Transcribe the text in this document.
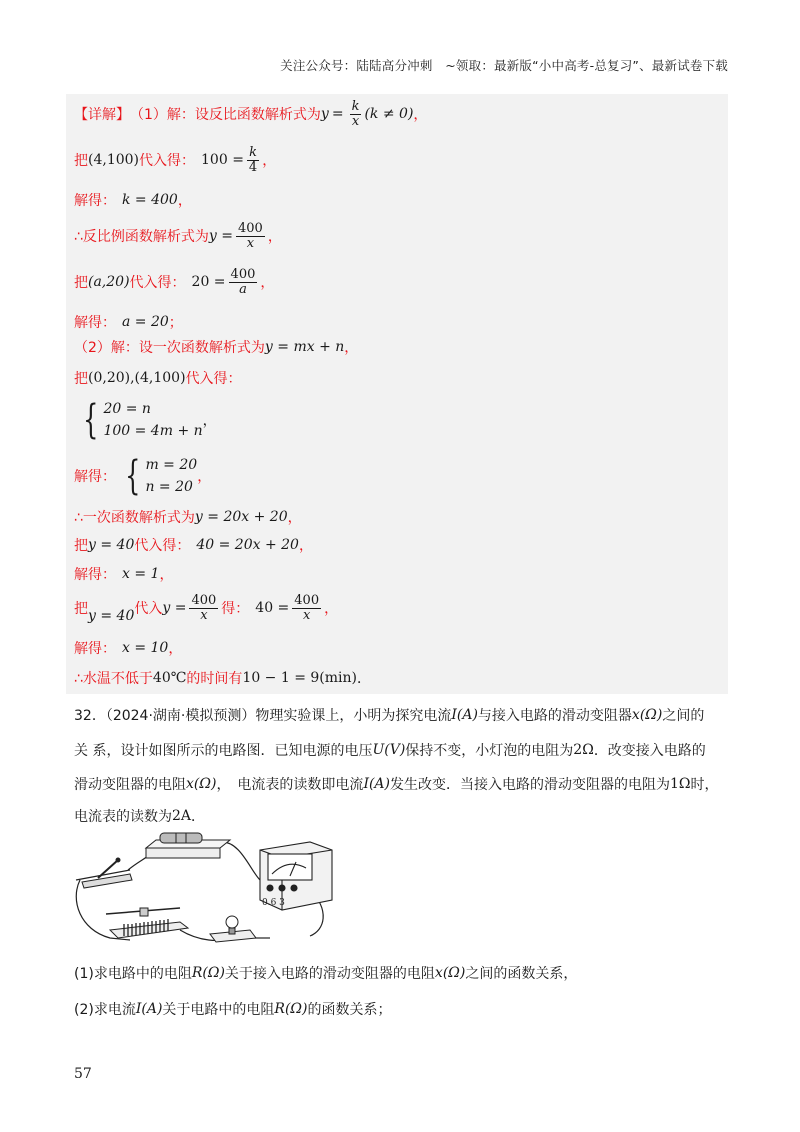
关注公众号：陆陆高分冲刺　~领取：最新版“小中高考-总复习”、最新试卷下载
【详解】 （1）解：设反比函数解析式为 $y = \frac{k}{x} (k \ne 0)$ ，
把 (4,100) 代入得： $100 = \frac{k}{4}$ ，
解得： k = 400 ，
∴反比例函数解析式为 $y = \frac{400}{x}$ ，
把 (a,20) 代入得： $20 = \frac{400}{a}$ ，
解得： a = 20 ；
（2）解：设一次函数解析式为 y = mx + n ，
把 (0,20),(4,100) 代入得：
{ 20 = n
100 = 4m + n
，
解得： { m = 20
n = 20
，
∴一次函数解析式为 y = 20x + 20 ，
把 y = 40 代入得： 40 = 20x + 20 ，
解得： x = 1 ，
把 y = 40 代入 $y = \frac{400}{x}$ 得： $40 = \frac{400}{x}$ ，
解得： x = 10 ，
∴水温不低于 40℃ 的时间有 10 − 1 = 9(min) ．
32．（2024·湖南·模拟预测）物理实验课上，小明为探究电流 I(A) 与接入电路的滑动变阻器 x(Ω) 之间的
关 系，设计如图所示的电路图．已知电源的电压 U(V) 保持不变，小灯泡的电阻为 2Ω ．改变接入电路的
滑动变阻器的电阻 x(Ω) ，　电流表的读数即电流 I(A) 发生改变．当接入电路的滑动变阻器的电阻为 1Ω 时，
电流表的读数为 2A ．
0.6 3
(1)求电路中的电阻 R(Ω) 关于接入电路的滑动变阻器的电阻 x(Ω) 之间的函数关系，
(2)求电流 I(A) 关于电路中的电阻 R(Ω) 的函数关系；
57
